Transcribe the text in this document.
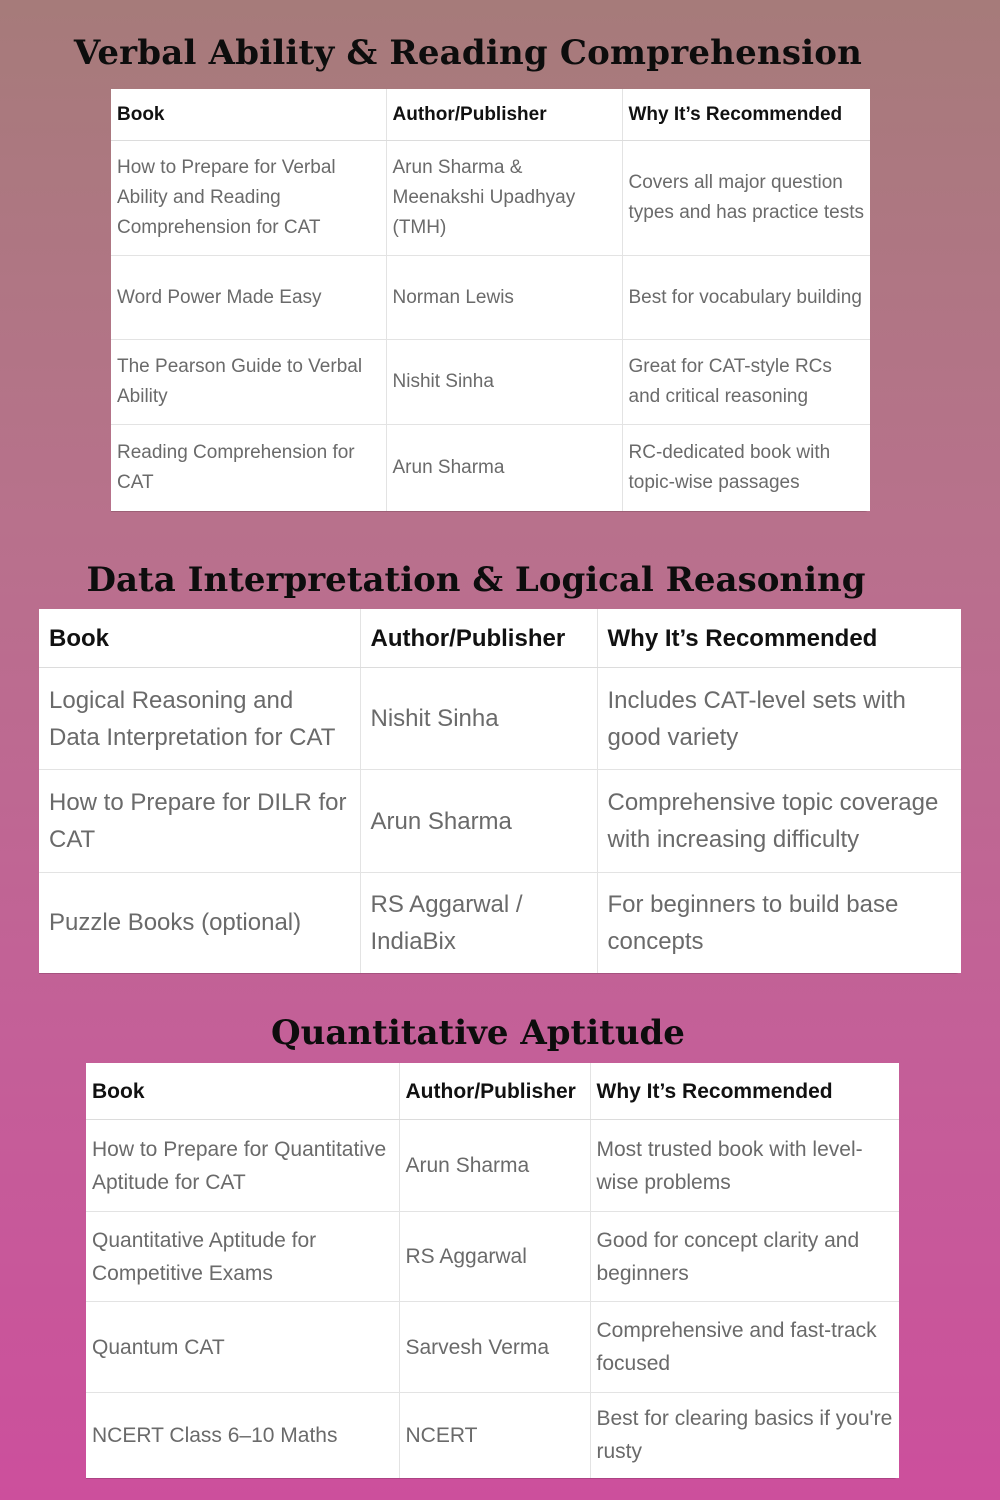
Verbal Ability & Reading Comprehension
Book	Author/Publisher	Why It’s Recommended
How to Prepare for Verbal Ability and Reading Comprehension for CAT	Arun Sharma & Meenakshi Upadhyay (TMH)	Covers all major question types and has practice tests
Word Power Made Easy	Norman Lewis	Best for vocabulary building
The Pearson Guide to Verbal Ability	Nishit Sinha	Great for CAT-style RCs and critical reasoning
Reading Comprehension for CAT	Arun Sharma	RC-dedicated book with topic-wise passages
Data Interpretation & Logical Reasoning
Book	Author/Publisher	Why It’s Recommended
Logical Reasoning and Data Interpretation for CAT	Nishit Sinha	Includes CAT-level sets with good variety
How to Prepare for DILR for CAT	Arun Sharma	Comprehensive topic coverage with increasing difficulty
Puzzle Books (optional)	RS Aggarwal / IndiaBix	For beginners to build base concepts
Quantitative Aptitude
Book	Author/Publisher	Why It’s Recommended
How to Prepare for Quantitative Aptitude for CAT	Arun Sharma	Most trusted book with level-wise problems
Quantitative Aptitude for Competitive Exams	RS Aggarwal	Good for concept clarity and beginners
Quantum CAT	Sarvesh Verma	Comprehensive and fast-track focused
NCERT Class 6–10 Maths	NCERT	Best for clearing basics if you're rusty
